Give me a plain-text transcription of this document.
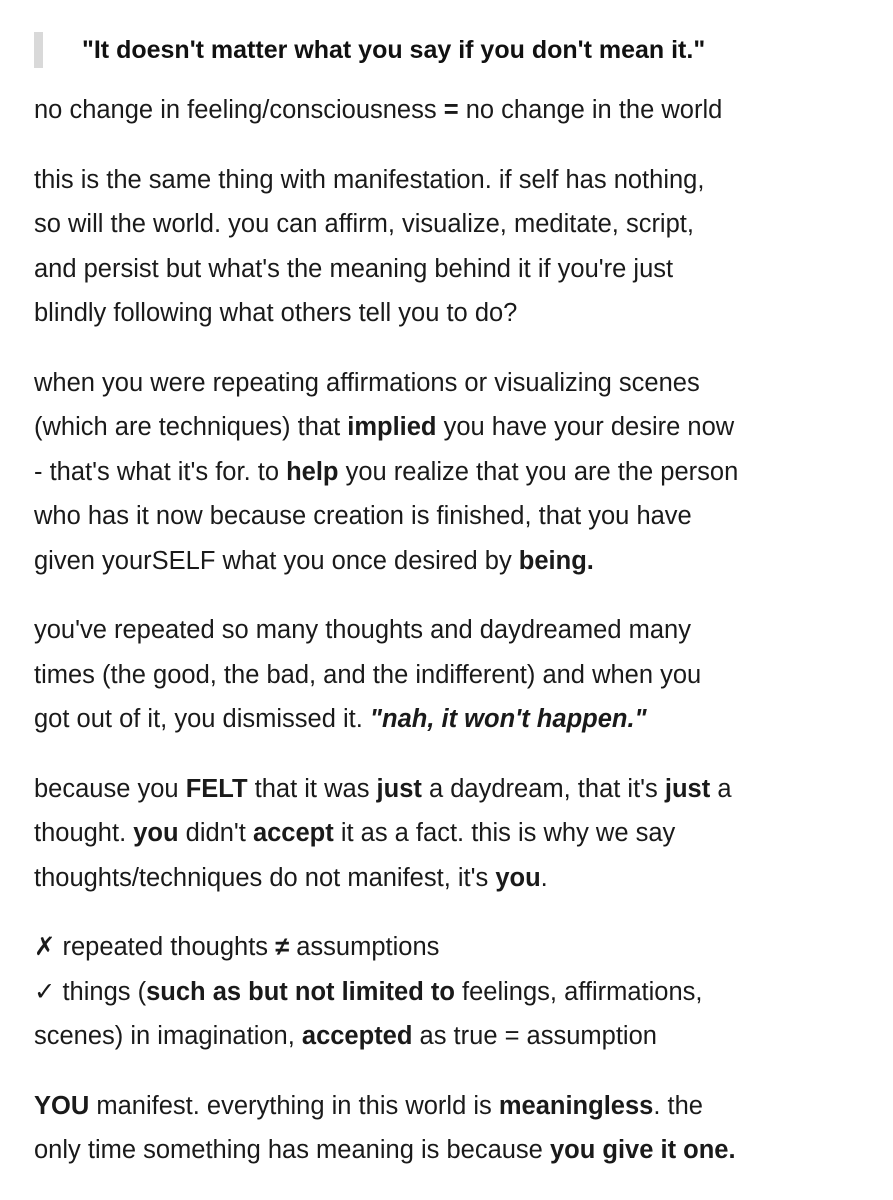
"It doesn't matter what you say if you don't mean it."

no change in feeling/consciousness = no change in the world

this is the same thing with manifestation. if self has nothing,
so will the world. you can affirm, visualize, meditate, script,
and persist but what's the meaning behind it if you're just
blindly following what others tell you to do?

when you were repeating affirmations or visualizing scenes
(which are techniques) that implied you have your desire now
- that's what it's for. to help you realize that you are the person
who has it now because creation is finished, that you have
given yourSELF what you once desired by being.

you've repeated so many thoughts and daydreamed many
times (the good, the bad, and the indifferent) and when you
got out of it, you dismissed it. "nah, it won't happen."

because you FELT that it was just a daydream, that it's just a
thought. you didn't accept it as a fact. this is why we say
thoughts/techniques do not manifest, it's you.

✗ repeated thoughts ≠ assumptions
✓ things (such as but not limited to feelings, affirmations,
scenes) in imagination, accepted as true = assumption

YOU manifest. everything in this world is meaningless. the
only time something has meaning is because you give it one.
